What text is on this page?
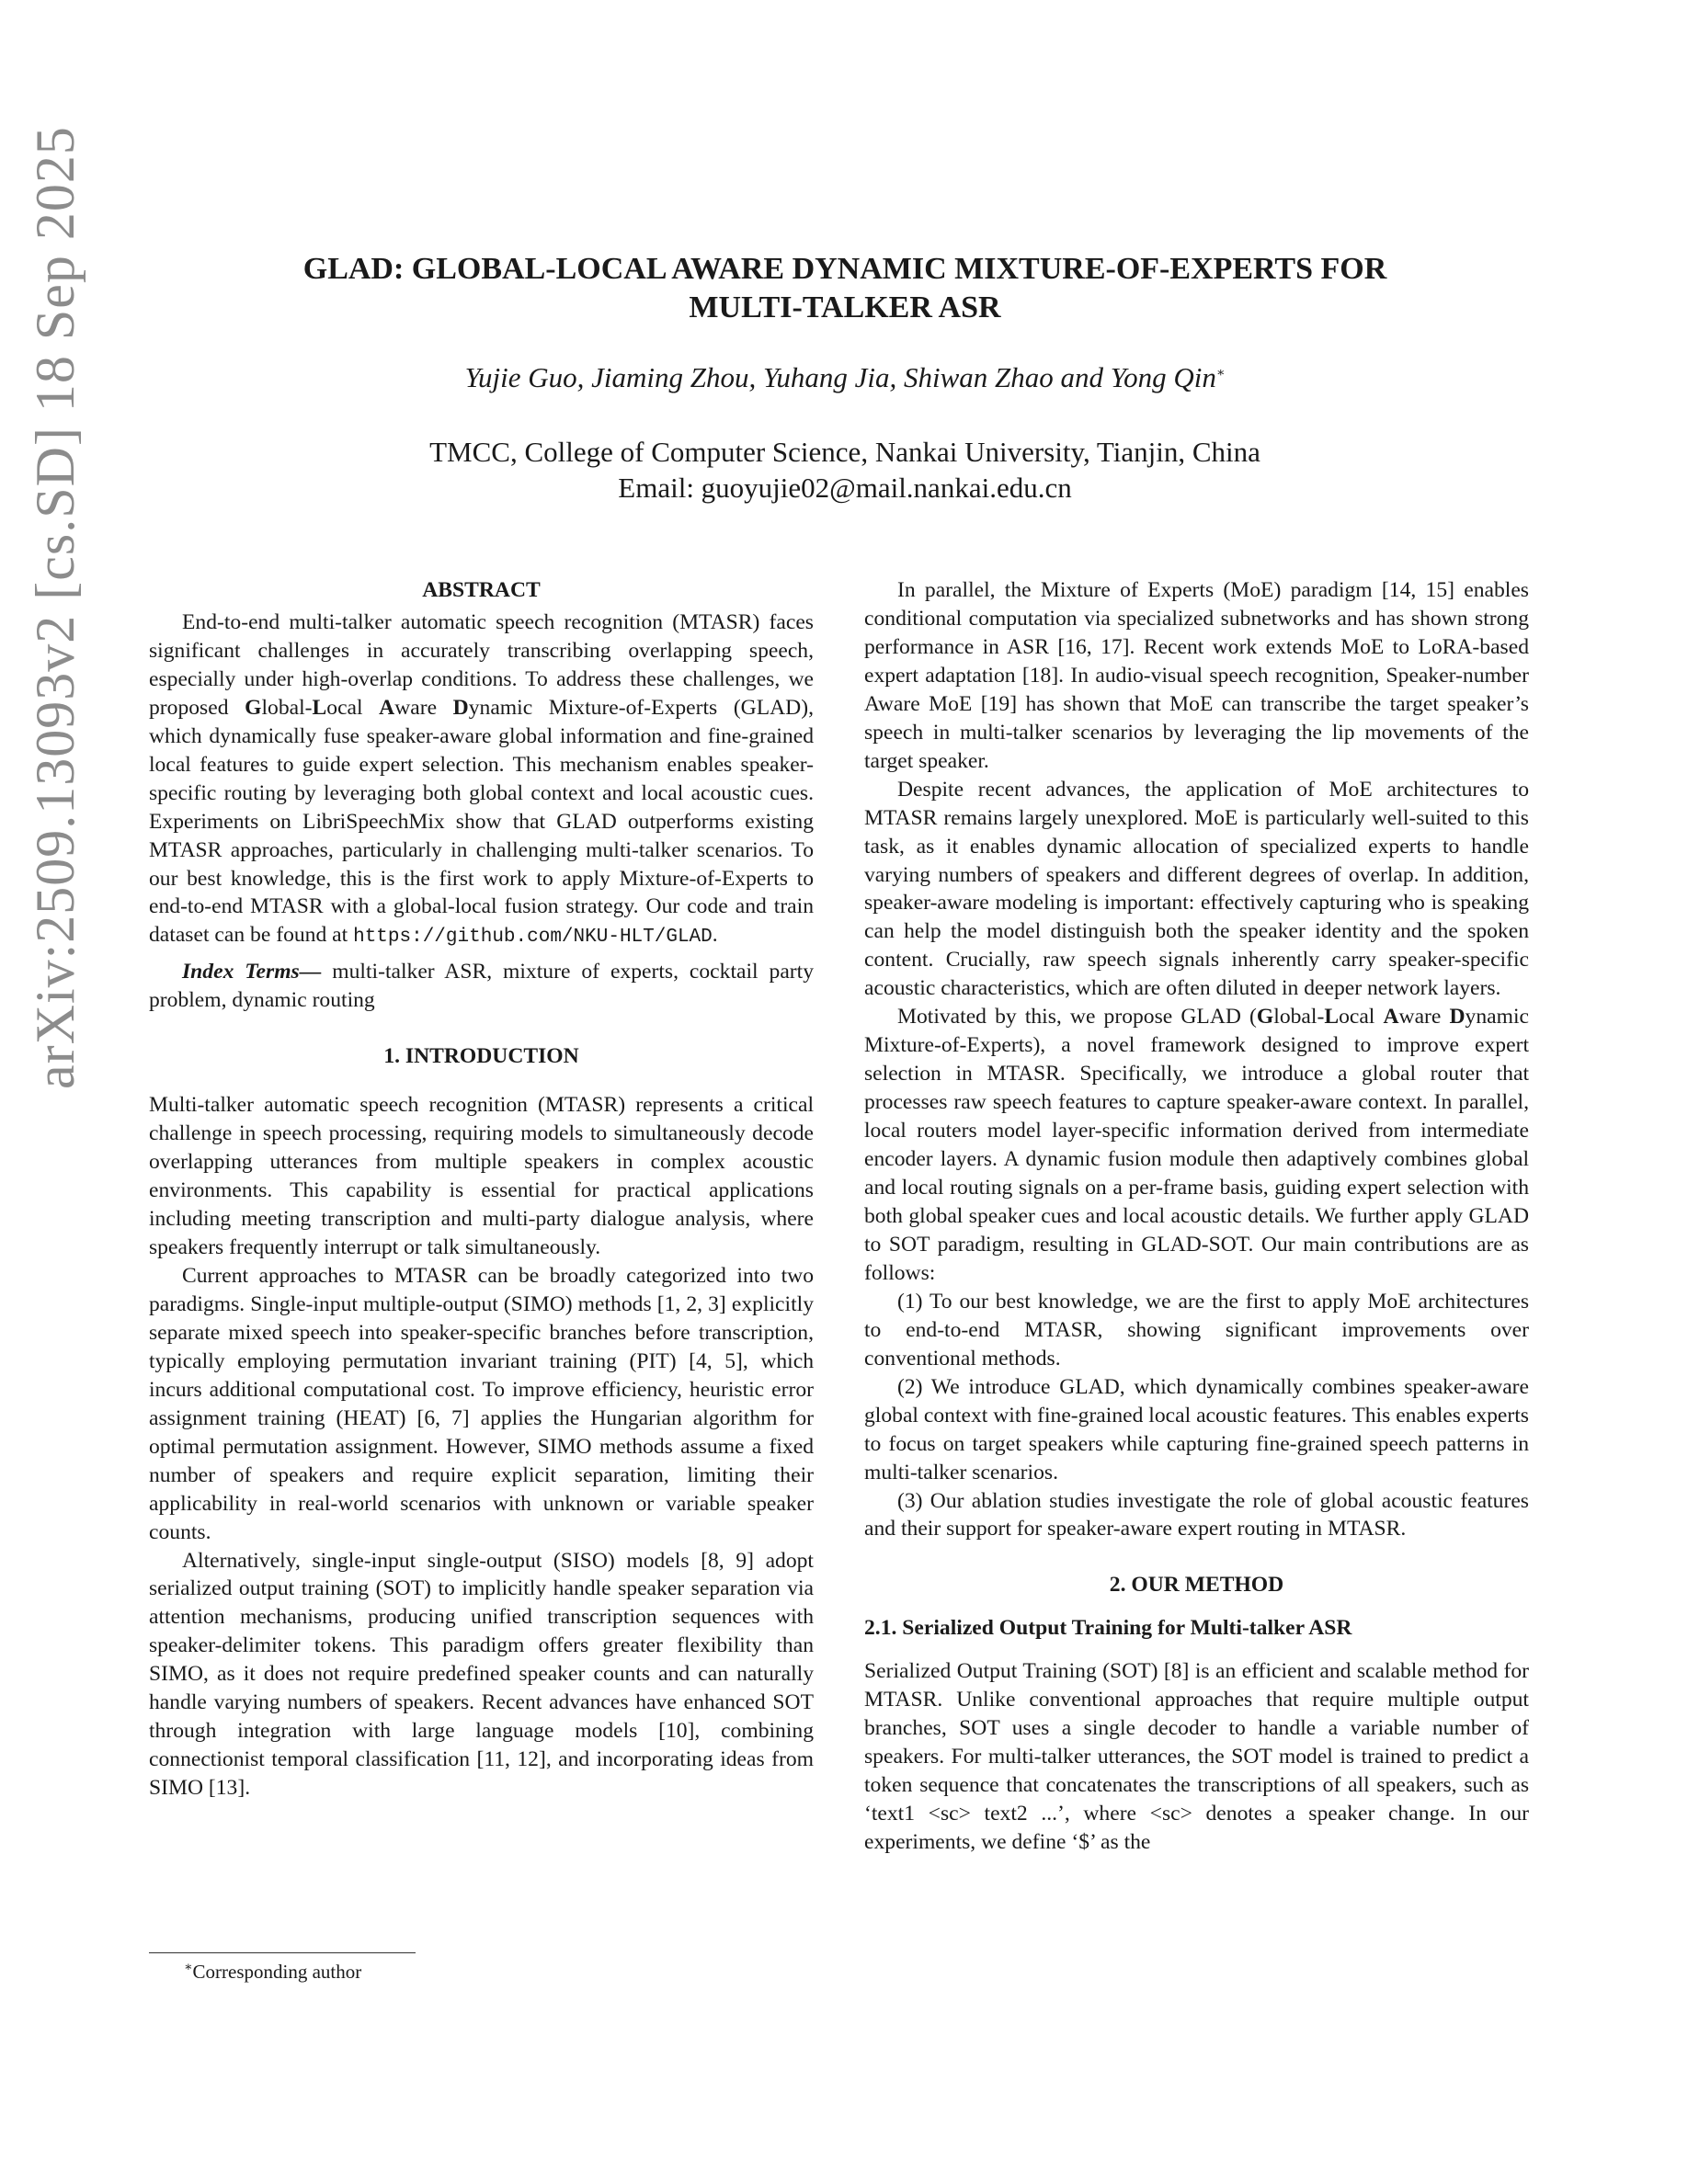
arXiv:2509.13093v2 [cs.SD] 18 Sep 2025	GLAD: GLOBAL-LOCAL AWARE DYNAMIC MIXTURE-OF-EXPERTS FOR
MULTI-TALKER ASR
Yujie Guo, Jiaming Zhou, Yuhang Jia, Shiwan Zhao and Yong Qin∗
TMCC, College of Computer Science, Nankai University, Tianjin, China
Email: guoyujie02@mail.nankai.edu.cn
ABSTRACT

End-to-end multi-talker automatic speech recognition (MTASR) faces significant challenges in accurately transcribing overlapping speech, especially under high-overlap conditions. To address these challenges, we proposed Global-Local Aware Dynamic Mixture-of-Experts (GLAD), which dynamically fuse speaker-aware global information and fine-grained local features to guide expert selection. This mechanism enables speaker-specific routing by leveraging both global context and local acoustic cues. Experiments on LibriSpeechMix show that GLAD outperforms existing MTASR approaches, particularly in challenging multi-talker scenarios. To our best knowledge, this is the first work to apply Mixture-of-Experts to end-to-end MTASR with a global-local fusion strategy. Our code and train dataset can be found at https://github.com/NKU-HLT/GLAD.

Index Terms— multi-talker ASR, mixture of experts, cocktail party problem, dynamic routing

1. INTRODUCTION

Multi-talker automatic speech recognition (MTASR) represents a critical challenge in speech processing, requiring models to simultaneously decode overlapping utterances from multiple speakers in complex acoustic environments. This capability is essential for practical applications including meeting transcription and multi-party dialogue analysis, where speakers frequently interrupt or talk simultaneously.

Current approaches to MTASR can be broadly categorized into two paradigms. Single-input multiple-output (SIMO) methods [1, 2, 3] explicitly separate mixed speech into speaker-specific branches before transcription, typically employing permutation invariant training (PIT) [4, 5], which incurs additional computational cost. To improve efficiency, heuristic error assignment training (HEAT) [6, 7] applies the Hungarian algorithm for optimal permutation assignment. However, SIMO methods assume a fixed number of speakers and require explicit separation, limiting their applicability in real-world scenarios with unknown or variable speaker counts.

Alternatively, single-input single-output (SISO) models [8, 9] adopt serialized output training (SOT) to implicitly handle speaker separation via attention mechanisms, producing unified transcription sequences with speaker-delimiter tokens. This paradigm offers greater flexibility than SIMO, as it does not require predefined speaker counts and can naturally handle varying numbers of speakers. Recent advances have enhanced SOT through integration with large language models [10], combining connectionist temporal classification [11, 12], and incorporating ideas from SIMO [13].

In parallel, the Mixture of Experts (MoE) paradigm [14, 15] enables conditional computation via specialized subnetworks and has shown strong performance in ASR [16, 17]. Recent work extends MoE to LoRA-based expert adaptation [18]. In audio-visual speech recognition, Speaker-number Aware MoE [19] has shown that MoE can transcribe the target speaker’s speech in multi-talker scenarios by leveraging the lip movements of the target speaker.

Despite recent advances, the application of MoE architectures to MTASR remains largely unexplored. MoE is particularly well-suited to this task, as it enables dynamic allocation of specialized experts to handle varying numbers of speakers and different degrees of overlap. In addition, speaker-aware modeling is important: effectively capturing who is speaking can help the model distinguish both the speaker identity and the spoken content. Crucially, raw speech signals inherently carry speaker-specific acoustic characteristics, which are often diluted in deeper network layers.

Motivated by this, we propose GLAD (Global-Local Aware Dynamic Mixture-of-Experts), a novel framework designed to improve expert selection in MTASR. Specifically, we introduce a global router that processes raw speech features to capture speaker-aware context. In parallel, local routers model layer-specific information derived from intermediate encoder layers. A dynamic fusion module then adaptively combines global and local routing signals on a per-frame basis, guiding expert selection with both global speaker cues and local acoustic details. We further apply GLAD to SOT paradigm, resulting in GLAD-SOT. Our main contributions are as follows:

(1) To our best knowledge, we are the first to apply MoE architectures to end-to-end MTASR, showing significant improvements over conventional methods.

(2) We introduce GLAD, which dynamically combines speaker-aware global context with fine-grained local acoustic features. This enables experts to focus on target speakers while capturing fine-grained speech patterns in multi-talker scenarios.

(3) Our ablation studies investigate the role of global acoustic features and their support for speaker-aware expert routing in MTASR.

2. OUR METHOD
2.1. Serialized Output Training for Multi-talker ASR

Serialized Output Training (SOT) [8] is an efficient and scalable method for MTASR. Unlike conventional approaches that require multiple output branches, SOT uses a single decoder to handle a variable number of speakers. For multi-talker utterances, the SOT model is trained to predict a token sequence that concatenates the transcriptions of all speakers, such as ‘text1 <sc> text2 ...’, where <sc> denotes a speaker change. In our experiments, we define ‘$’ as the

∗Corresponding author
